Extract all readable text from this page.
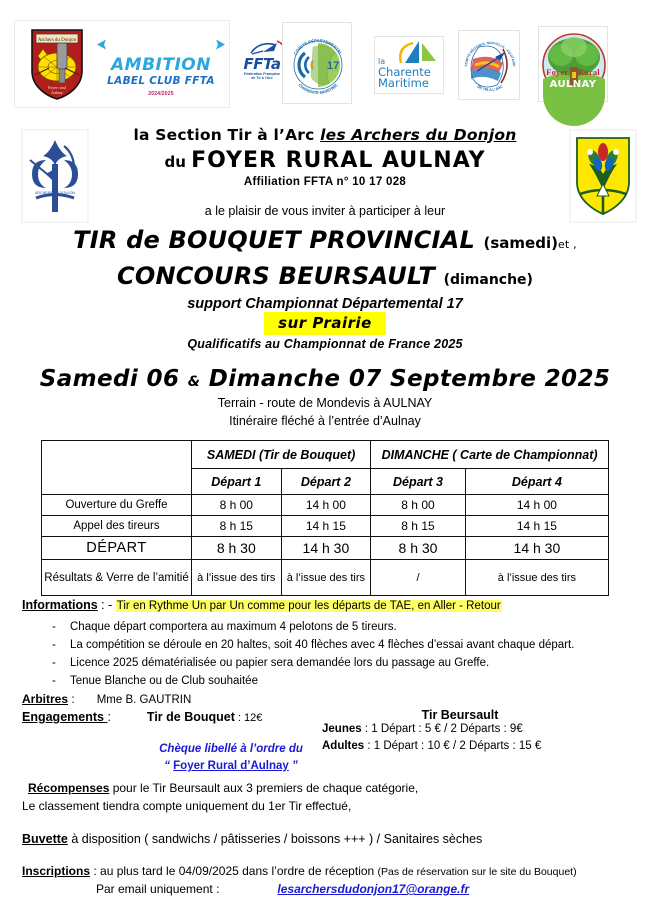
Archers du Donjon
Foyer rural
Aulnay
AMBITION
LABEL CLUB FFTA
2024/2025
FFTa
Fédération Française
de Tir à l'Arc
17
COMITÉ DÉPARTEMENTAL
CHARENTE MARITIME
la
Charente
Maritime
COMITÉ RÉGIONAL NOUVELLE - AQUITAINE
DE TIR À L'ARC
Foyer Rural
AULNAY
ARCHERS DU DONJON
la Section Tir à l’Arc les Archers du Donjon
du FOYER RURAL AULNAY
Affiliation FFTA n° 10 17 028
a le plaisir de vous inviter à participer à leur
TIR de BOUQUET PROVINCIAL (samedi)et ,
CONCOURS BEURSAULT (dimanche)
support Championnat Départemental 17
sur Prairie
Qualificatifs au Championnat de France 2025
Samedi 06 & Dimanche 07 Septembre 2025
Terrain - route de Mondevis à AULNAY
Itinéraire fléché à l’entrée d’Aulnay
	SAMEDI (Tir de Bouquet)		DIMANCHE ( Carte de Championnat)	
	Départ 1	Départ 2	Départ 3	Départ 4
Ouverture du Greffe	8 h 00	14 h 00	8 h 00	14 h 00
Appel des tireurs	8 h 15	14 h 15	8 h 15	14 h 15
DÉPART	8 h 30	14 h 30	8 h 30	14 h 30
Résultats & Verre de l’amitié	à l’issue des tirs	à l’issue des tirs	/	à l’issue des tirs
Informations : - Tir en Rythme Un par Un comme pour les départs de TAE, en Aller - Retour
- Chaque départ comportera au maximum 4 pelotons de 5 tireurs.
- La compétition se déroule en 20 haltes, soit 40 flèches avec 4 flèches d’essai avant chaque départ.
- Licence 2025 dématérialisée ou papier sera demandée lors du passage au Greffe.
- Tenue Blanche ou de Club souhaitée
Arbitres : Mme B. GAUTRIN
Engagements :	Tir de Bouquet : 12€
Chèque libellé à l’ordre du
“ Foyer Rural d’Aulnay ”
Tir Beursault
Jeunes : 1 Départ : 5 € / 2 Départs : 9€
Adultes : 1 Départ : 10 € / 2 Départs : 15 €
Récompenses pour le Tir Beursault aux 3 premiers de chaque catégorie,
Le classement tiendra compte uniquement du 1er Tir effectué,
Buvette à disposition ( sandwichs / pâtisseries / boissons +++ ) / Sanitaires sèches
Inscriptions : au plus tard le 04/09/2025 dans l’ordre de réception (Pas de réservation sur le site du Bouquet)
Par email uniquement :	lesarchersdudonjon17@orange.fr
